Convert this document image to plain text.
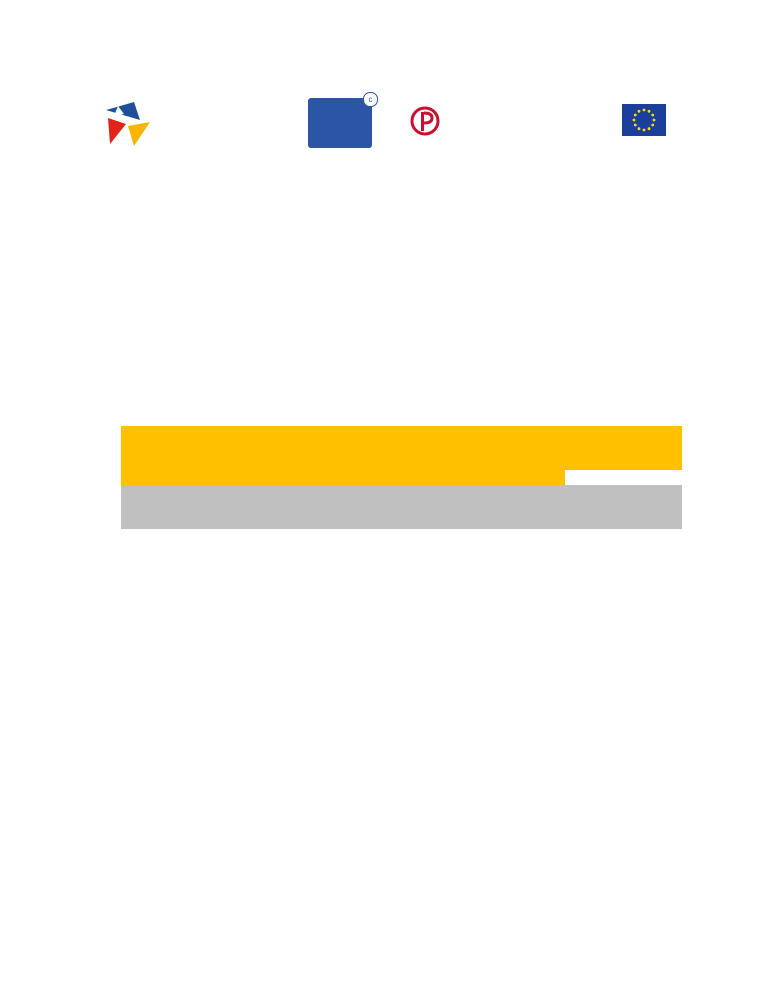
c
